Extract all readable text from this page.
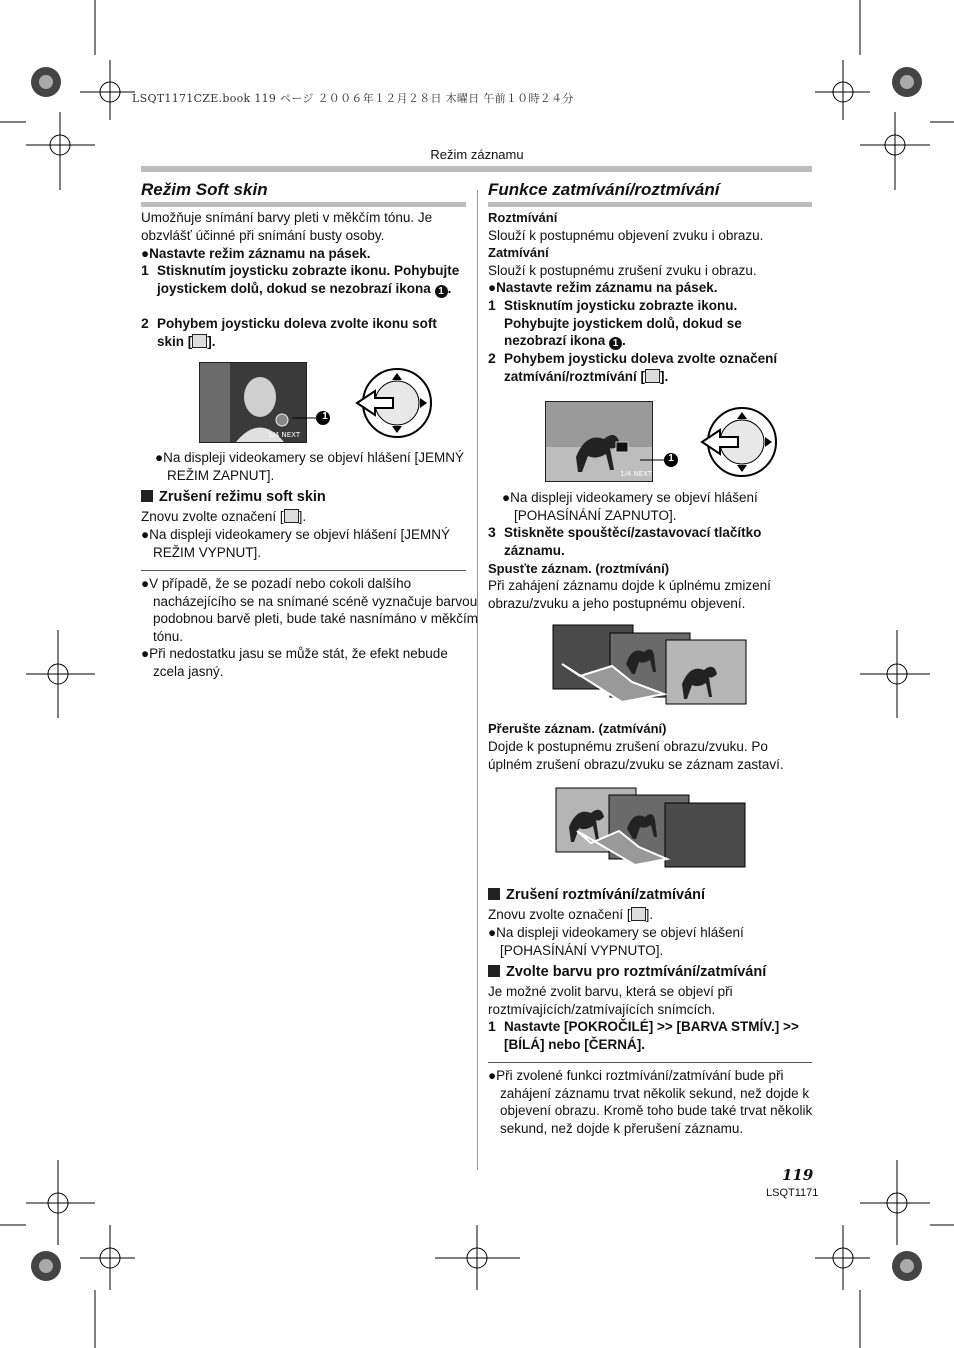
LSQT1171CZE.book 119 ページ ２００６年１２月２８日 木曜日 午前１０時２４分
Režim záznamu
Režim Soft skin
Umožňuje snímání barvy pleti v měkčím tónu. Je obzvlášť účinné při snímání busty osoby.
●Nastavte režim záznamu na pásek.
1 Stisknutím joysticku zobrazte ikonu. Pohybujte joystickem dolů, dokud se nezobrazí ikona 1 .
2 Pohybem joysticku doleva zvolte ikonu soft skin [ ].
1/4 NEXT
1
●Na displeji videokamery se objeví hlášení [JEMNÝ REŽIM ZAPNUT].
Zrušení režimu soft skin
Znovu zvolte označení [ ].
●Na displeji videokamery se objeví hlášení [JEMNÝ REŽIM VYPNUT].
●V případě, že se pozadí nebo cokoli dalšího nacházejícího se na snímané scéně vyznačuje barvou podobnou barvě pleti, bude také nasnímáno v měkčím tónu.
●Při nedostatku jasu se může stát, že efekt nebude zcela jasný.
Funkce zatmívání/roztmívání
Roztmívání
Slouží k postupnému objevení zvuku i obrazu.
Zatmívání
Slouží k postupnému zrušení zvuku i obrazu.
●Nastavte režim záznamu na pásek.
1 Stisknutím joysticku zobrazte ikonu. Pohybujte joystickem dolů, dokud se nezobrazí ikona 1 .
2 Pohybem joysticku doleva zvolte označení zatmívání/roztmívání [ ].
1/4 NEXT
1
●Na displeji videokamery se objeví hlášení [POHASÍNÁNÍ ZAPNUTO].
3 Stiskněte spouštěcí/zastavovací tlačítko záznamu.
Spusťte záznam. (roztmívání)
Při zahájení záznamu dojde k úplnému zmizení obrazu/zvuku a jeho postupnému objevení.
Přerušte záznam. (zatmívání)
Dojde k postupnému zrušení obrazu/zvuku. Po úplném zrušení obrazu/zvuku se záznam zastaví.
Zrušení roztmívání/zatmívání
Znovu zvolte označení [ ].
●Na displeji videokamery se objeví hlášení [POHASÍNÁNÍ VYPNUTO].
Zvolte barvu pro roztmívání/zatmívání
Je možné zvolit barvu, která se objeví při roztmívajících/zatmívajících snímcích.
1 Nastavte [POKROČILÉ] >> [BARVA STMÍV.] >> [BÍLÁ] nebo [ČERNÁ].
●Při zvolené funkci roztmívání/zatmívání bude při zahájení záznamu trvat několik sekund, než dojde k objevení obrazu. Kromě toho bude také trvat několik sekund, než dojde k přerušení záznamu.
119
LSQT1171
